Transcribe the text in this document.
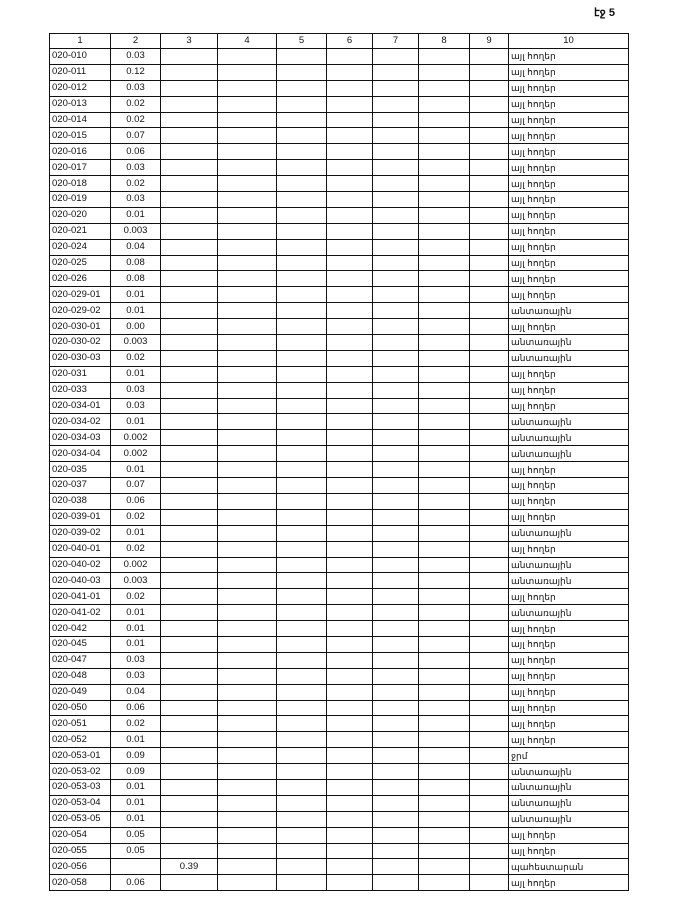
էջ 5
1	2	3	4	5	6	7	8	9	10
020-010	0.03								այլ հողեր
020-011	0.12								այլ հողեր
020-012	0.03								այլ հողեր
020-013	0.02								այլ հողեր
020-014	0.02								այլ հողեր
020-015	0.07								այլ հողեր
020-016	0.06								այլ հողեր
020-017	0.03								այլ հողեր
020-018	0.02								այլ հողեր
020-019	0.03								այլ հողեր
020-020	0.01								այլ հողեր
020-021	0.003								այլ հողեր
020-024	0.04								այլ հողեր
020-025	0.08								այլ հողեր
020-026	0.08								այլ հողեր
020-029-01	0.01								այլ հողեր
020-029-02	0.01								անտառային
020-030-01	0.00								այլ հողեր
020-030-02	0.003								անտառային
020-030-03	0.02								անտառային
020-031	0.01								այլ հողեր
020-033	0.03								այլ հողեր
020-034-01	0.03								այլ հողեր
020-034-02	0.01								անտառային
020-034-03	0.002								անտառային
020-034-04	0.002								անտառային
020-035	0.01								այլ հողեր
020-037	0.07								այլ հողեր
020-038	0.06								այլ հողեր
020-039-01	0.02								այլ հողեր
020-039-02	0.01								անտառային
020-040-01	0.02								այլ հողեր
020-040-02	0.002								անտառային
020-040-03	0.003								անտառային
020-041-01	0.02								այլ հողեր
020-041-02	0.01								անտառային
020-042	0.01								այլ հողեր
020-045	0.01								այլ հողեր
020-047	0.03								այլ հողեր
020-048	0.03								այլ հողեր
020-049	0.04								այլ հողեր
020-050	0.06								այլ հողեր
020-051	0.02								այլ հողեր
020-052	0.01								այլ հողեր
020-053-01	0.09								ջրմ
020-053-02	0.09								անտառային
020-053-03	0.01								անտառային
020-053-04	0.01								անտառային
020-053-05	0.01								անտառային
020-054	0.05								այլ հողեր
020-055	0.05								այլ հողեր
020-056		0.39							պահեստարան
020-058	0.06								այլ հողեր
